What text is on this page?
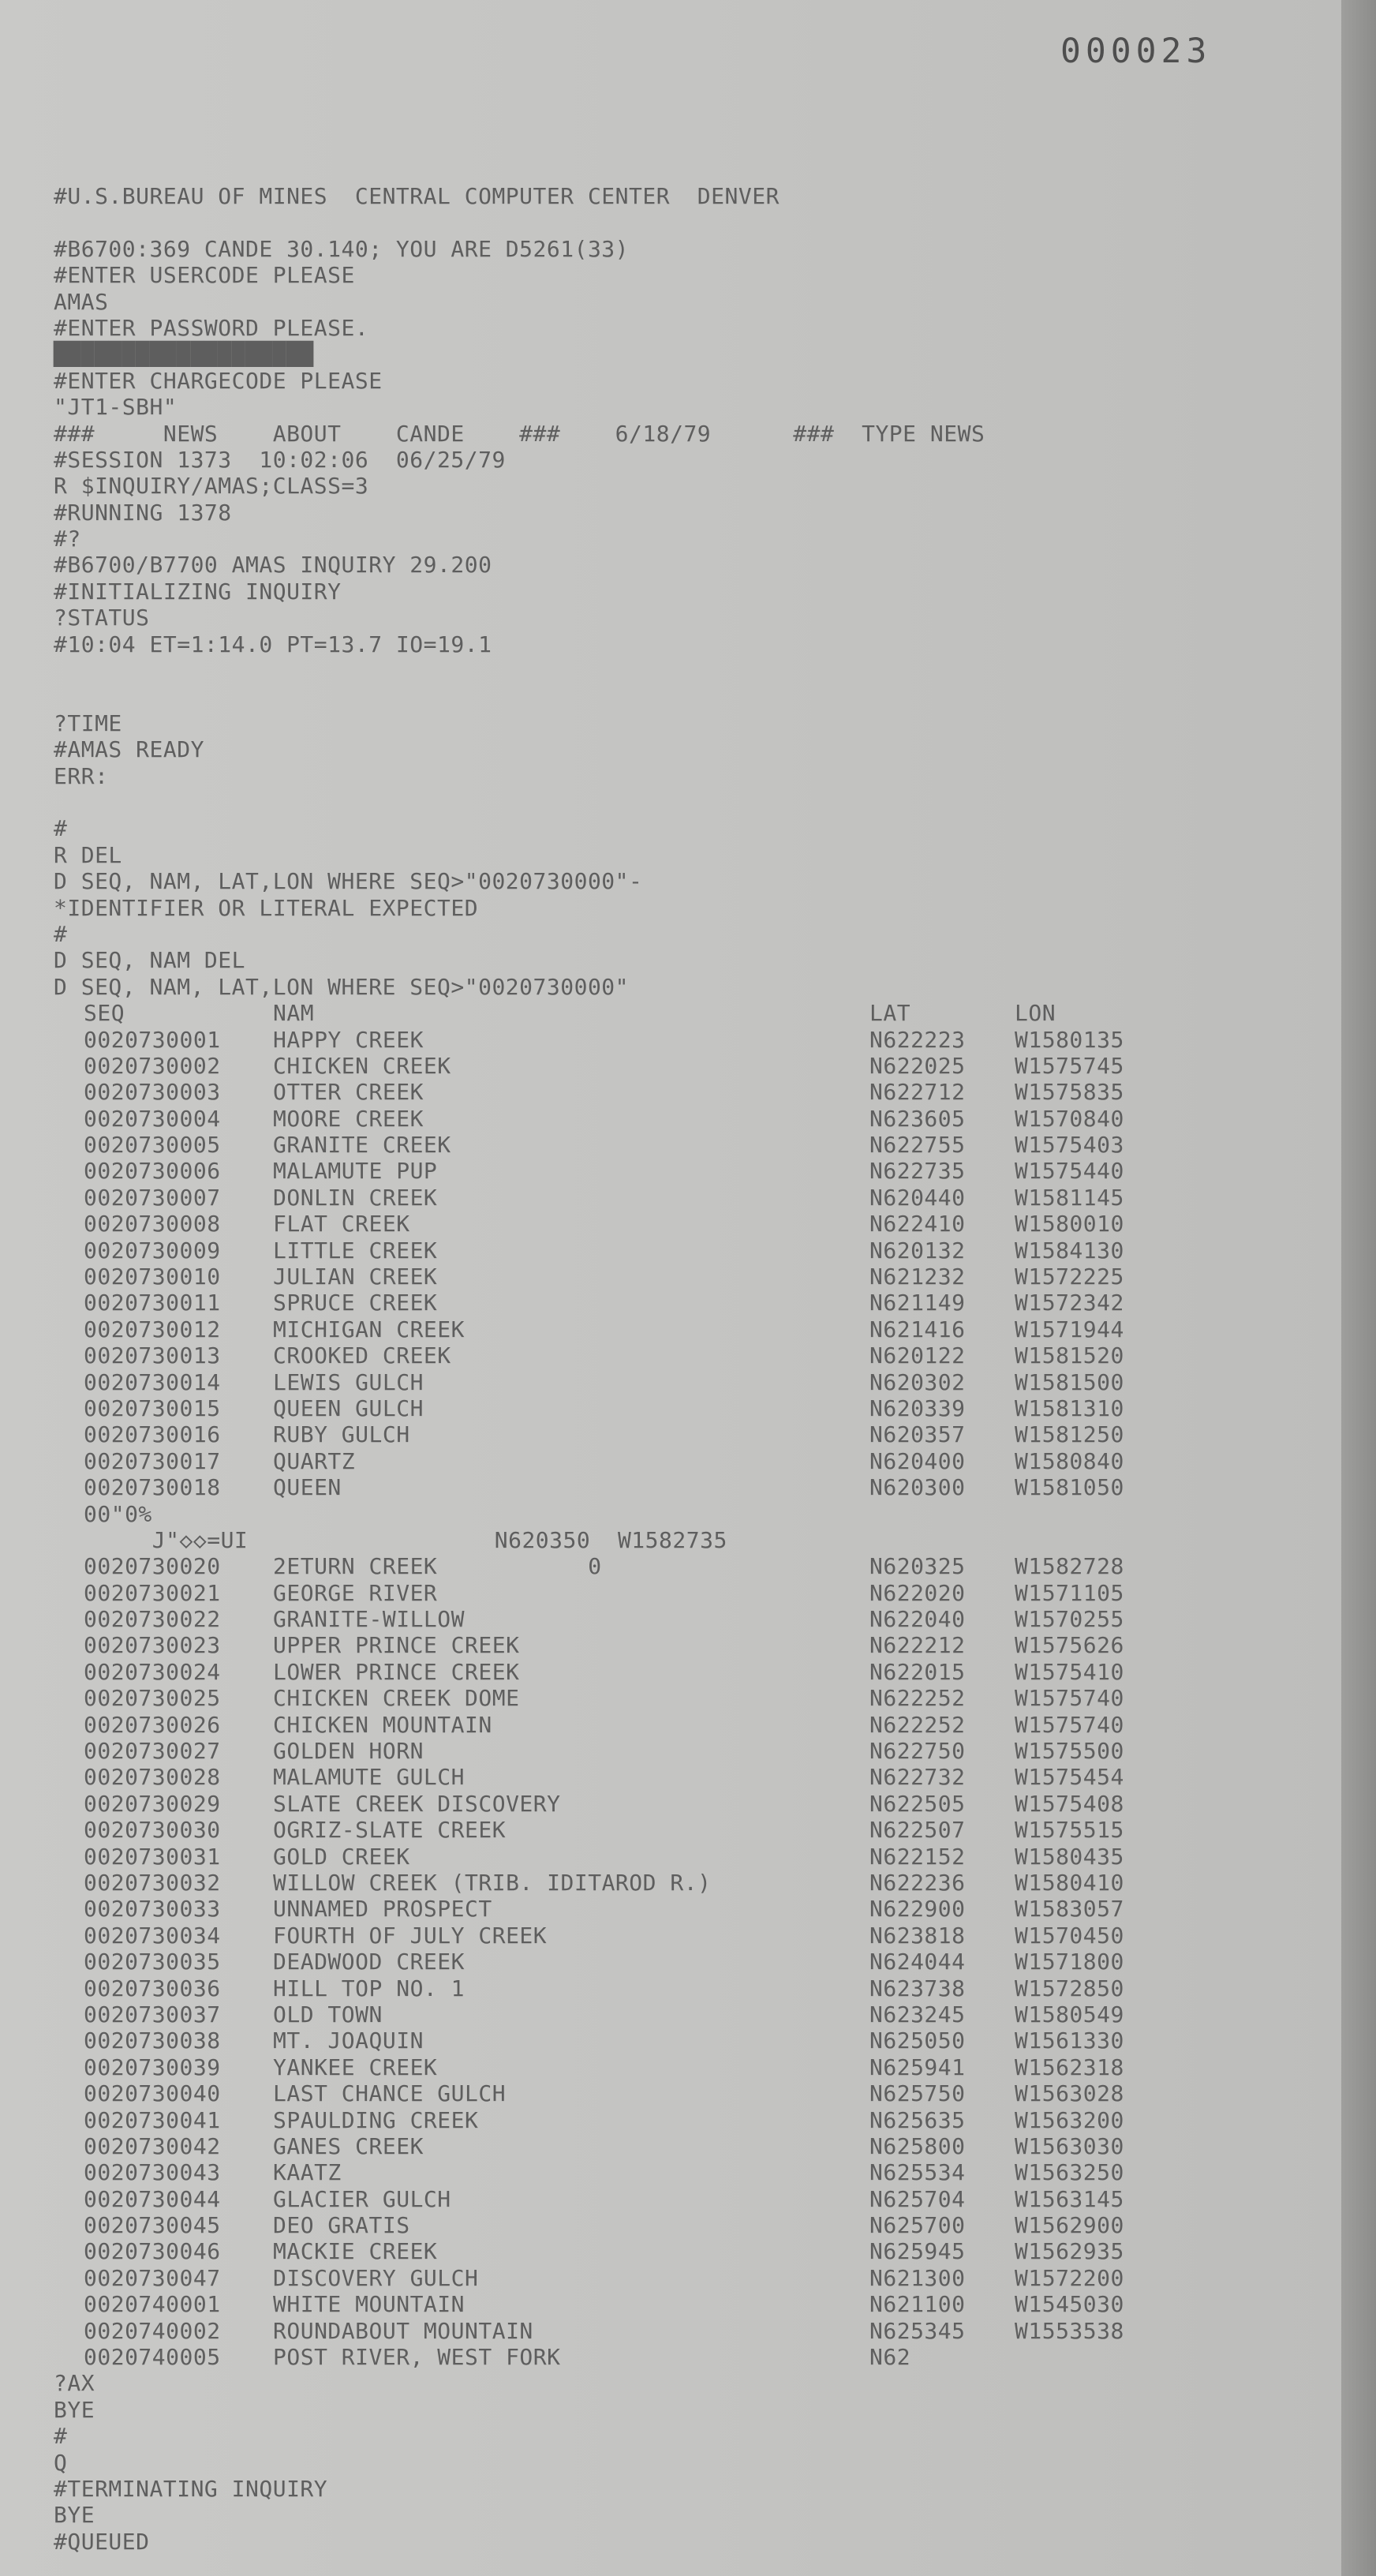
000023
#U.S.BUREAU OF MINES  CENTRAL COMPUTER CENTER  DENVER
#B6700:369 CANDE 30.140; YOU ARE D5261(33)
#ENTER USERCODE PLEASE
AMAS
#ENTER PASSWORD PLEASE.
███████████████████
#ENTER CHARGECODE PLEASE
"JT1-SBH"
###     NEWS    ABOUT    CANDE    ###    6/18/79      ###  TYPE NEWS
#SESSION 1373  10:02:06  06/25/79
R $INQUIRY/AMAS;CLASS=3
#RUNNING 1378
#?
#B6700/B7700 AMAS INQUIRY 29.200
#INITIALIZING INQUIRY
?STATUS
#10:04 ET=1:14.0 PT=13.7 IO=19.1
?TIME
#AMAS READY
ERR:
#
R DEL
D SEQ, NAM, LAT,LON WHERE SEQ>"0020730000"-
*IDENTIFIER OR LITERAL EXPECTED
#
D SEQ, NAM DEL
D SEQ, NAM, LAT,LON WHERE SEQ>"0020730000"
SEQ	NAM	LAT	LON
0020730001	HAPPY CREEK	N622223	W1580135
0020730002	CHICKEN CREEK	N622025	W1575745
0020730003	OTTER CREEK	N622712	W1575835
0020730004	MOORE CREEK	N623605	W1570840
0020730005	GRANITE CREEK	N622755	W1575403
0020730006	MALAMUTE PUP	N622735	W1575440
0020730007	DONLIN CREEK	N620440	W1581145
0020730008	FLAT CREEK	N622410	W1580010
0020730009	LITTLE CREEK	N620132	W1584130
0020730010	JULIAN CREEK	N621232	W1572225
0020730011	SPRUCE CREEK	N621149	W1572342
0020730012	MICHIGAN CREEK	N621416	W1571944
0020730013	CROOKED CREEK	N620122	W1581520
0020730014	LEWIS GULCH	N620302	W1581500
0020730015	QUEEN GULCH	N620339	W1581310
0020730016	RUBY GULCH	N620357	W1581250
0020730017	QUARTZ	N620400	W1580840
0020730018	QUEEN	N620300	W1581050
00"0%
J"◇◇=UI                  N620350  W1582735
0020730020	2ETURN CREEK           0	N620325	W1582728
0020730021	GEORGE RIVER	N622020	W1571105
0020730022	GRANITE-WILLOW	N622040	W1570255
0020730023	UPPER PRINCE CREEK	N622212	W1575626
0020730024	LOWER PRINCE CREEK	N622015	W1575410
0020730025	CHICKEN CREEK DOME	N622252	W1575740
0020730026	CHICKEN MOUNTAIN	N622252	W1575740
0020730027	GOLDEN HORN	N622750	W1575500
0020730028	MALAMUTE GULCH	N622732	W1575454
0020730029	SLATE CREEK DISCOVERY	N622505	W1575408
0020730030	OGRIZ-SLATE CREEK	N622507	W1575515
0020730031	GOLD CREEK	N622152	W1580435
0020730032	WILLOW CREEK (TRIB. IDITAROD R.)	N622236	W1580410
0020730033	UNNAMED PROSPECT	N622900	W1583057
0020730034	FOURTH OF JULY CREEK	N623818	W1570450
0020730035	DEADWOOD CREEK	N624044	W1571800
0020730036	HILL TOP NO. 1	N623738	W1572850
0020730037	OLD TOWN	N623245	W1580549
0020730038	MT. JOAQUIN	N625050	W1561330
0020730039	YANKEE CREEK	N625941	W1562318
0020730040	LAST CHANCE GULCH	N625750	W1563028
0020730041	SPAULDING CREEK	N625635	W1563200
0020730042	GANES CREEK	N625800	W1563030
0020730043	KAATZ	N625534	W1563250
0020730044	GLACIER GULCH	N625704	W1563145
0020730045	DEO GRATIS	N625700	W1562900
0020730046	MACKIE CREEK	N625945	W1562935
0020730047	DISCOVERY GULCH	N621300	W1572200
0020740001	WHITE MOUNTAIN	N621100	W1545030
0020740002	ROUNDABOUT MOUNTAIN	N625345	W1553538
0020740005	POST RIVER, WEST FORK	N62
?AX
BYE
#
Q
#TERMINATING INQUIRY
BYE
#QUEUED
